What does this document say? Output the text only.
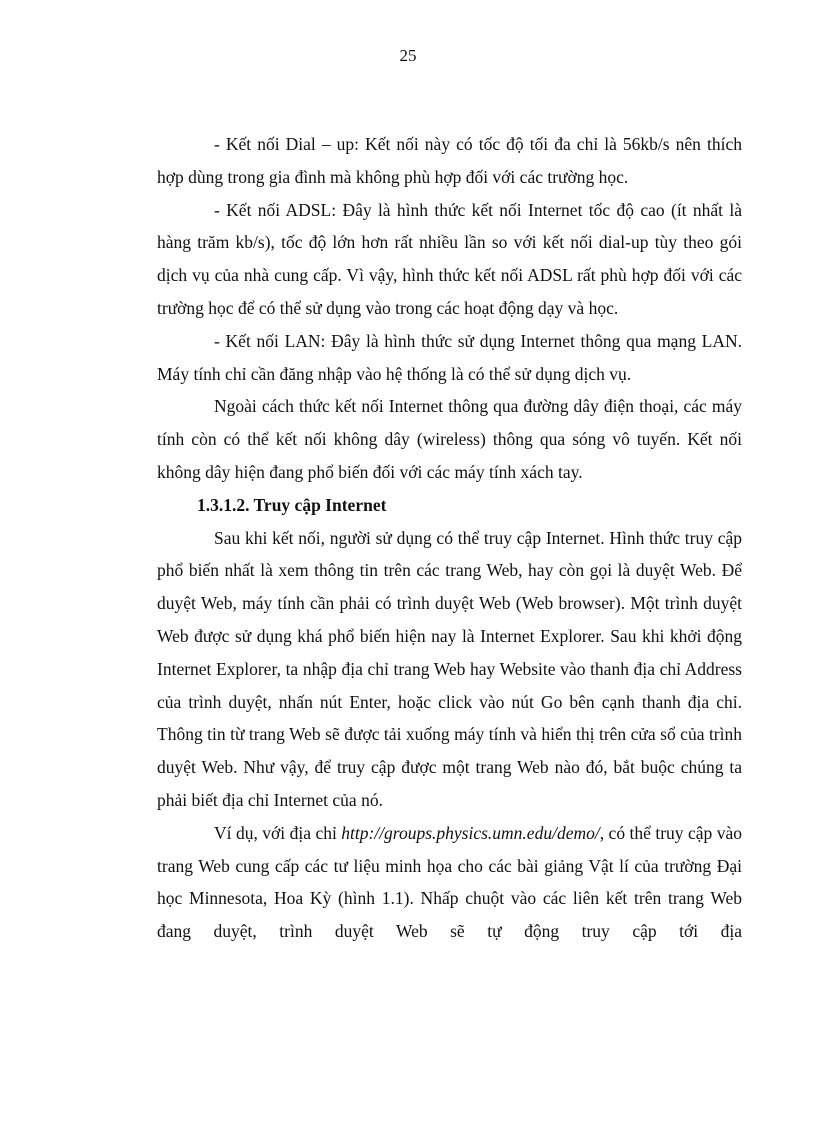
25

- Kết nối Dial – up: Kết nối này có tốc độ tối đa chỉ là 56kb/s nên thích hợp dùng trong gia đình mà không phù hợp đối với các trường học.

- Kết nối ADSL: Đây là hình thức kết nối Internet tốc độ cao (ít nhất là hàng trăm kb/s), tốc độ lớn hơn rất nhiều lần so với kết nối dial-up tùy theo gói dịch vụ của nhà cung cấp. Vì vậy, hình thức kết nối ADSL rất phù hợp đối với các trường học để có thể sử dụng vào trong các hoạt động dạy và học.

- Kết nối LAN: Đây là hình thức sử dụng Internet thông qua mạng LAN. Máy tính chỉ cần đăng nhập vào hệ thống là có thể sử dụng dịch vụ.

Ngoài cách thức kết nối Internet thông qua đường dây điện thoại, các máy tính còn có thể kết nối không dây (wireless) thông qua sóng vô tuyến. Kết nối không dây hiện đang phổ biến đối với các máy tính xách tay.

1.3.1.2. Truy cập Internet

Sau khi kết nối, người sử dụng có thể truy cập Internet. Hình thức truy cập phổ biến nhất là xem thông tin trên các trang Web, hay còn gọi là duyệt Web. Để duyệt Web, máy tính cần phải có trình duyệt Web (Web browser). Một trình duyệt Web được sử dụng khá phổ biến hiện nay là Internet Explorer. Sau khi khởi động Internet Explorer, ta nhập địa chỉ trang Web hay Website vào thanh địa chỉ Address của trình duyệt, nhấn nút Enter, hoặc click vào nút Go bên cạnh thanh địa chỉ. Thông tin từ trang Web sẽ được tải xuống máy tính và hiển thị trên cửa sổ của trình duyệt Web. Như vậy, để truy cập được một trang Web nào đó, bắt buộc chúng ta phải biết địa chỉ Internet của nó.

Ví dụ, với địa chỉ http://groups.physics.umn.edu/demo/, có thể truy cập vào trang Web cung cấp các tư liệu minh họa cho các bài giảng Vật lí của trường Đại học Minnesota, Hoa Kỳ (hình 1.1). Nhấp chuột vào các liên kết trên trang Web đang duyệt, trình duyệt Web sẽ tự động truy cập tới địa
